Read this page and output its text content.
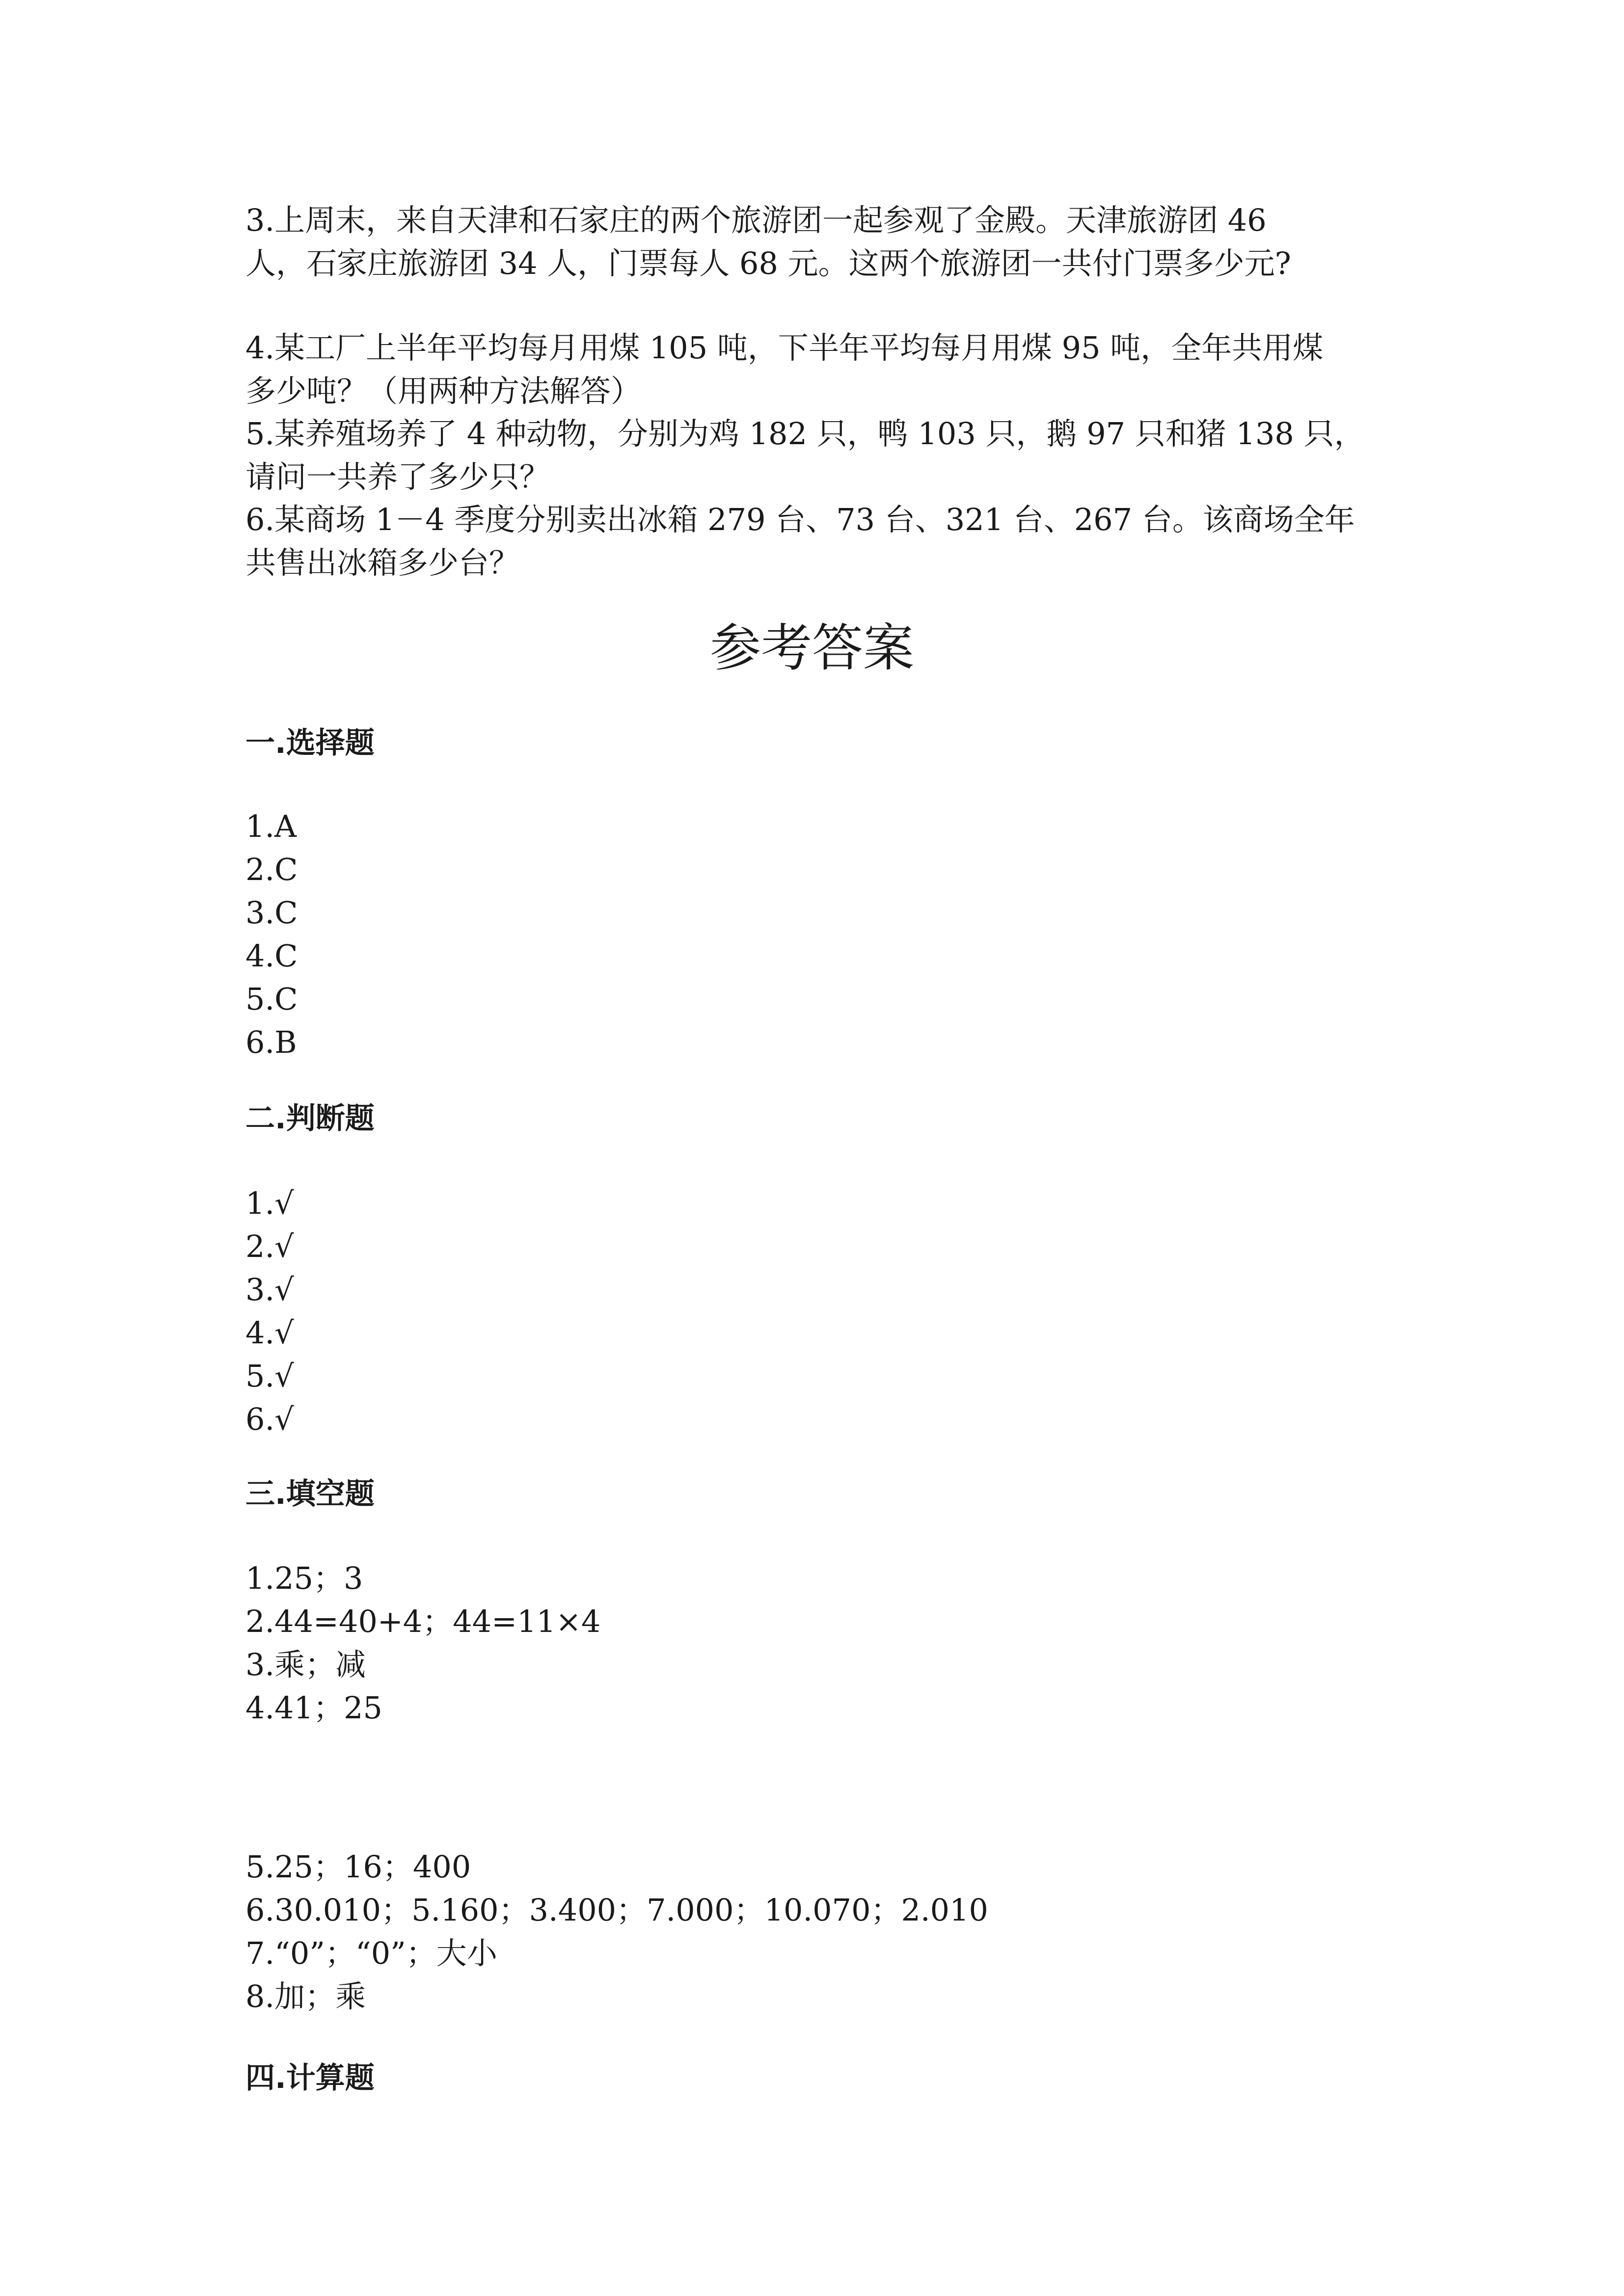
3.上周末，来自天津和石家庄的两个旅游团一起参观了金殿。天津旅游团 46

人，石家庄旅游团 34 人，门票每人 68 元。这两个旅游团一共付门票多少元?

4.某工厂上半年平均每月用煤 105 吨，下半年平均每月用煤 95 吨，全年共用煤

多少吨？（用两种方法解答）

5.某养殖场养了 4 种动物，分别为鸡 182 只，鸭 103 只，鹅 97 只和猪 138 只，

请问一共养了多少只？

6.某商场 1－4 季度分别卖出冰箱 279 台、73 台、321 台、267 台。该商场全年

共售出冰箱多少台？

参考答案
一.选择题
1.A
2.C
3.C
4.C
5.C
6.B
二.判断题
1.√
2.√
3.√
4.√
5.√
6.√
三.填空题
1.25；3
2.44=40+4；44=11×4
3.乘；减
4.41；25
5.25；16；400
6.30.010；5.160；3.400；7.000；10.070；2.010
7.“0”；“0”；大小
8.加；乘
四.计算题
